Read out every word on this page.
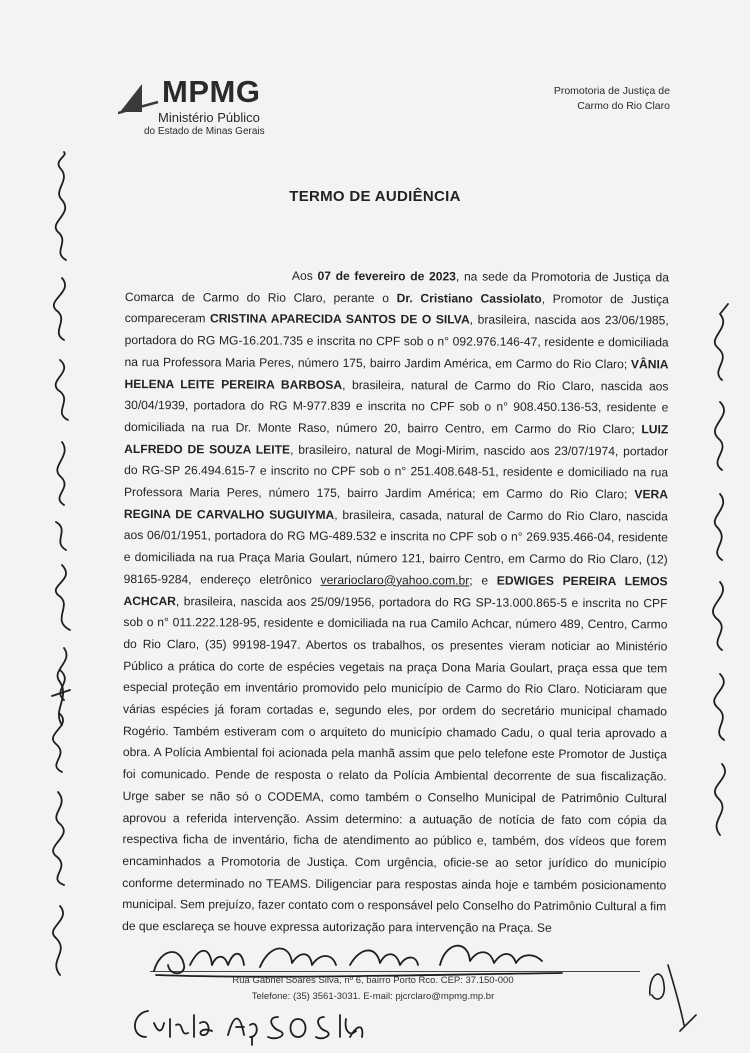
MPMG
Ministério Público
do Estado de Minas Gerais
Promotoria de Justiça de
Carmo do Rio Claro
TERMO DE AUDIÊNCIA

Aos 07 de fevereiro de 2023, na sede da Promotoria de Justiça da Comarca de Carmo do Rio Claro, perante o Dr. Cristiano Cassiolato, Promotor de Justiça compareceram CRISTINA APARECIDA SANTOS DE O SILVA, brasileira, nascida aos 23/06/1985, portadora do RG MG-16.201.735 e inscrita no CPF sob o n° 092.976.146-47, residente e domiciliada na rua Professora Maria Peres, número 175, bairro Jardim América, em Carmo do Rio Claro; VÂNIA HELENA LEITE PEREIRA BARBOSA, brasileira, natural de Carmo do Rio Claro, nascida aos 30/04/1939, portadora do RG M-977.839 e inscrita no CPF sob o n° 908.450.136-53, residente e domiciliada na rua Dr. Monte Raso, número 20, bairro Centro, em Carmo do Rio Claro; LUIZ ALFREDO DE SOUZA LEITE, brasileiro, natural de Mogi-Mirim, nascido aos 23/07/1974, portador do RG-SP 26.494.615-7 e inscrito no CPF sob o n° 251.408.648-51, residente e domiciliado na rua Professora Maria Peres, número 175, bairro Jardim América; em Carmo do Rio Claro; VERA REGINA DE CARVALHO SUGUIYMA, brasileira, casada, natural de Carmo do Rio Claro, nascida aos 06/01/1951, portadora do RG MG-489.532 e inscrita no CPF sob o n° 269.935.466-04, residente e domiciliada na rua Praça Maria Goulart, número 121, bairro Centro, em Carmo do Rio Claro, (12) 98165-9284, endereço eletrônico verarioclaro@yahoo.com.br; e EDWIGES PEREIRA LEMOS ACHCAR, brasileira, nascida aos 25/09/1956, portadora do RG SP-13.000.865-5 e inscrita no CPF sob o n° 011.222.128-95, residente e domiciliada na rua Camilo Achcar, número 489, Centro, Carmo do Rio Claro, (35) 99198-1947. Abertos os trabalhos, os presentes vieram noticiar ao Ministério Público a prática do corte de espécies vegetais na praça Dona Maria Goulart, praça essa que tem especial proteção em inventário promovido pelo município de Carmo do Rio Claro. Noticiaram que várias espécies já foram cortadas e, segundo eles, por ordem do secretário municipal chamado Rogério. Também estiveram com o arquiteto do município chamado Cadu, o qual teria aprovado a obra. A Polícia Ambiental foi acionada pela manhã assim que pelo telefone este Promotor de Justiça foi comunicado. Pende de resposta o relato da Polícia Ambiental decorrente de sua fiscalização. Urge saber se não só o CODEMA, como também o Conselho Municipal de Patrimônio Cultural aprovou a referida intervenção. Assim determino: a autuação de notícia de fato com cópia da respectiva ficha de inventário, ficha de atendimento ao público e, também, dos vídeos que forem encaminhados a Promotoria de Justiça. Com urgência, oficie-se ao setor jurídico do município conforme determinado no TEAMS. Diligenciar para respostas ainda hoje e também posicionamento municipal. Sem prejuízo, fazer contato com o responsável pelo Conselho do Patrimônio Cultural a fim de que esclareça se houve expressa autorização para intervenção na Praça. Se

Rua Gabriel Soares Silva, nº 6, bairro Porto Rco. CEP: 37.150-000
Telefone: (35) 3561-3031. E-mail: pjcrclaro@mpmg.mp.br
